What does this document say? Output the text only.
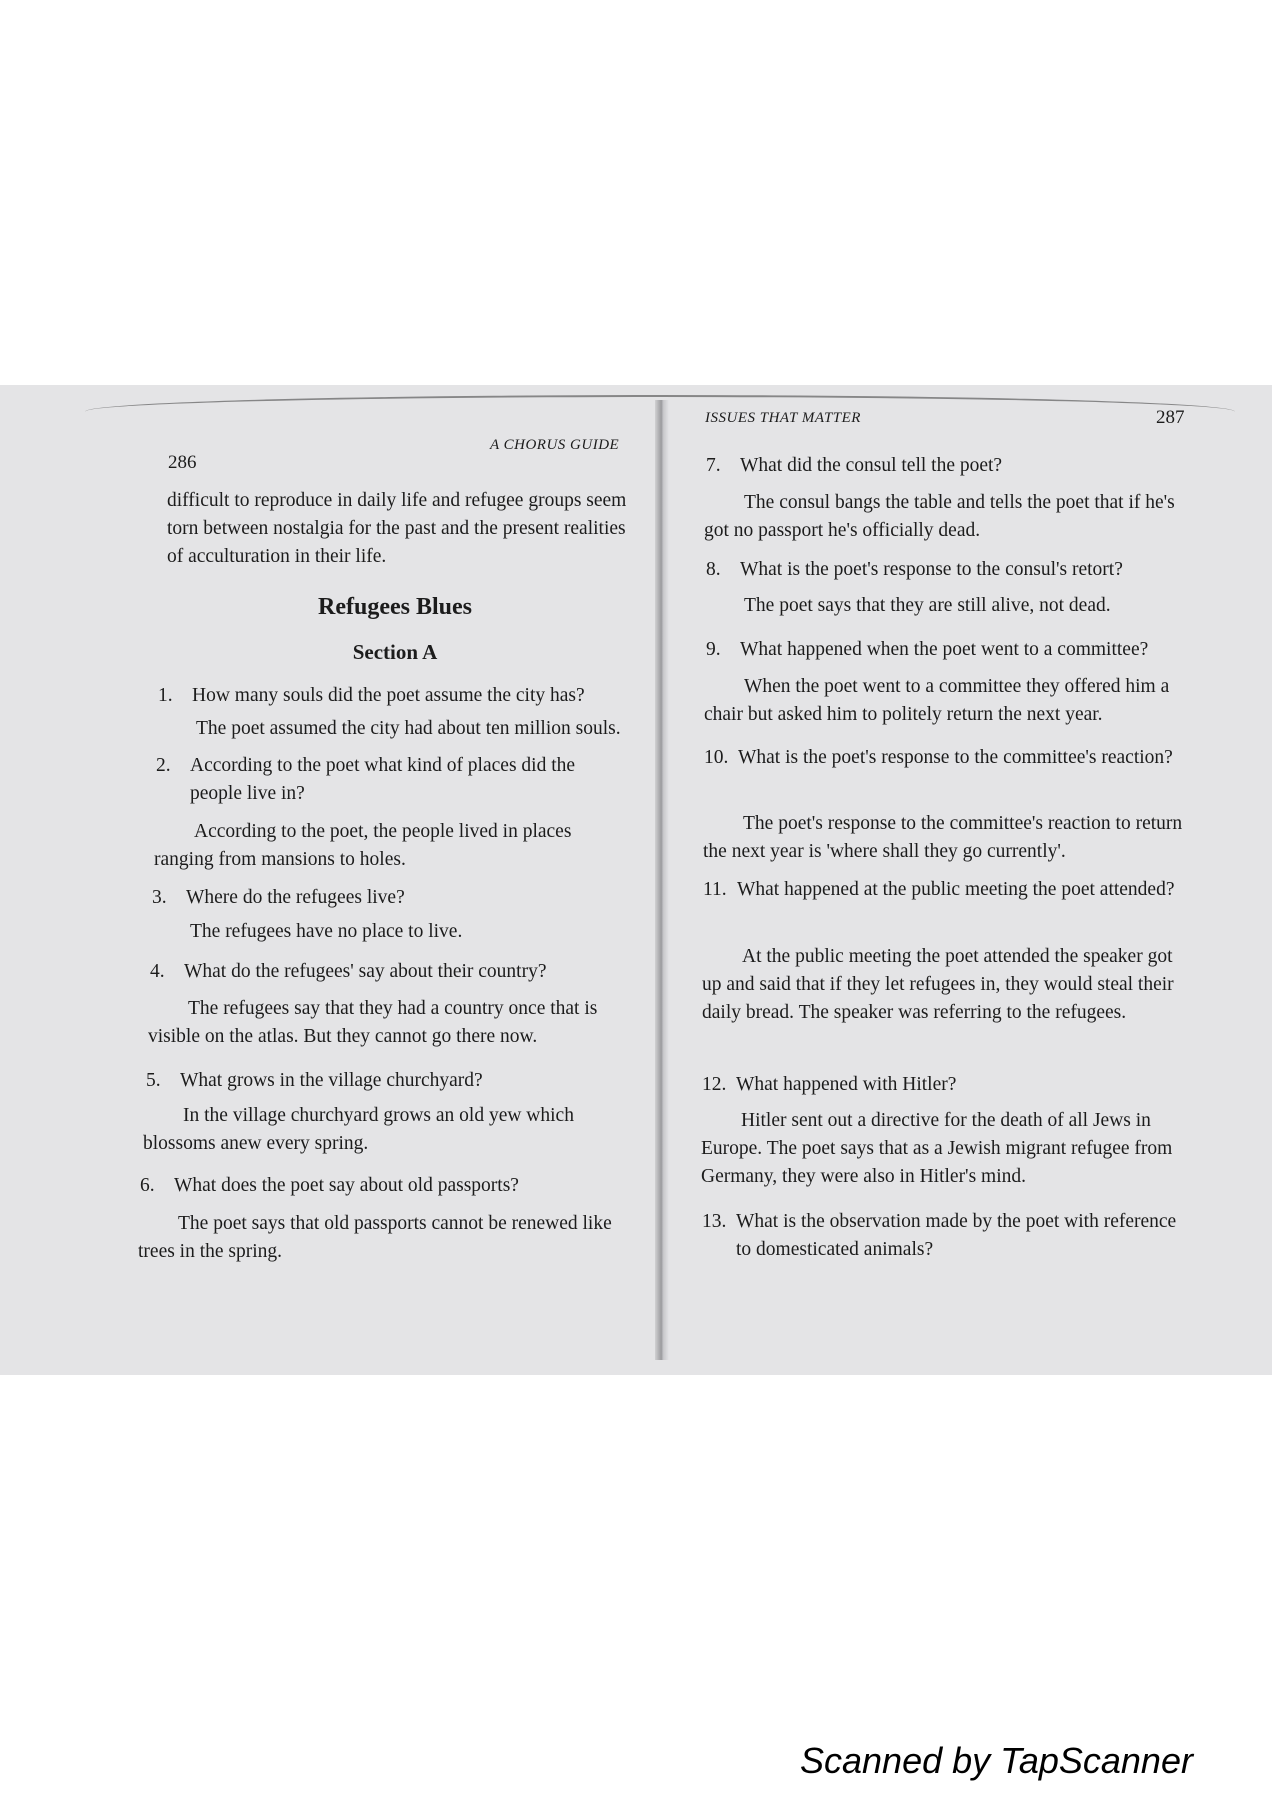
286
A CHORUS GUIDE
difficult to reproduce in daily life and refugee groups seem torn between nostalgia for the past and the present realities of acculturation in their life.
Refugees Blues
Section A
1. How many souls did the poet assume the city has?
The poet assumed the city had about ten million souls.
2. According to the poet what kind of places did the people live in?
According to the poet, the people lived in places ranging from mansions to holes.
3. Where do the refugees live?
The refugees have no place to live.
4. What do the refugees' say about their country?
The refugees say that they had a country once that is visible on the atlas. But they cannot go there now.
5. What grows in the village churchyard?
In the village churchyard grows an old yew which blossoms anew every spring.
6. What does the poet say about old passports?
The poet says that old passports cannot be renewed like trees in the spring.
ISSUES THAT MATTER	287
7. What did the consul tell the poet?
The consul bangs the table and tells the poet that if he's got no passport he's officially dead.
8. What is the poet's response to the consul's retort?
The poet says that they are still alive, not dead.
9. What happened when the poet went to a committee?
When the poet went to a committee they offered him a chair but asked him to politely return the next year.
10. What is the poet's response to the committee's reaction?
The poet's response to the committee's reaction to return the next year is 'where shall they go currently'.
11. What happened at the public meeting the poet attended?
At the public meeting the poet attended the speaker got up and said that if they let refugees in, they would steal their daily bread. The speaker was referring to the refugees.
12. What happened with Hitler?
Hitler sent out a directive for the death of all Jews in Europe. The poet says that as a Jewish migrant refugee from Germany, they were also in Hitler's mind.
13. What is the observation made by the poet with reference to domesticated animals?
Scanned by TapScanner
